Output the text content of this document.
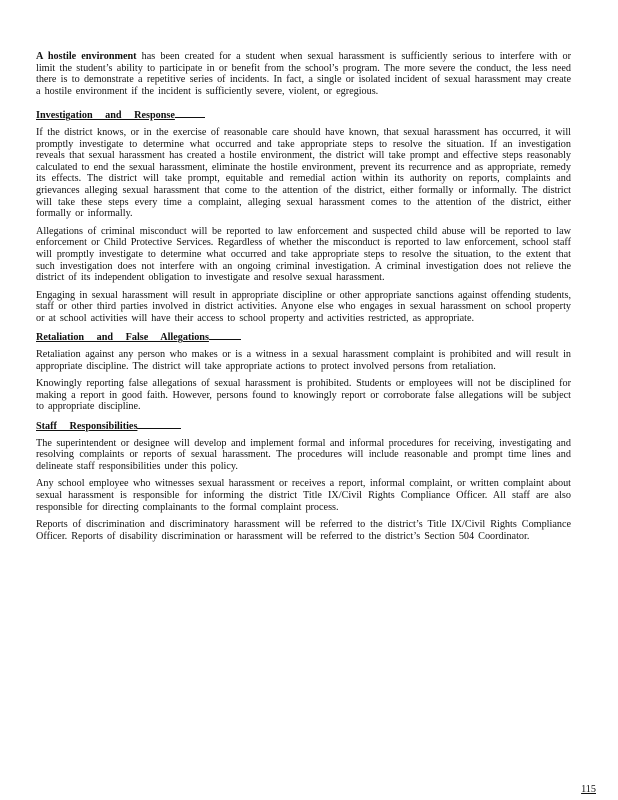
A hostile environment has been created for a student when sexual harassment is sufficiently serious to interfere with or limit the student’s ability to participate in or benefit from the school’s program. The more severe the conduct, the less need there is to demonstrate a repetitive series of incidents. In fact, a single or isolated incident of sexual harassment may create a hostile environment if the incident is sufficiently severe, violent, or egregious.

Investigation and Response

If the district knows, or in the exercise of reasonable care should have known, that sexual harassment has occurred, it will promptly investigate to determine what occurred and take appropriate steps to resolve the situation. If an investigation reveals that sexual harassment has created a hostile environment, the district will take prompt and effective steps reasonably calculated to end the sexual harassment, eliminate the hostile environment, prevent its recurrence and as appropriate, remedy its effects. The district will take prompt, equitable and remedial action within its authority on reports, complaints and grievances alleging sexual harassment that come to the attention of the district, either formally or informally. The district will take these steps every time a complaint, alleging sexual harassment comes to the attention of the district, either formally or informally.

Allegations of criminal misconduct will be reported to law enforcement and suspected child abuse will be reported to law enforcement or Child Protective Services. Regardless of whether the misconduct is reported to law enforcement, school staff will promptly investigate to determine what occurred and take appropriate steps to resolve the situation, to the extent that such investigation does not interfere with an ongoing criminal investigation. A criminal investigation does not relieve the district of its independent obligation to investigate and resolve sexual harassment.

Engaging in sexual harassment will result in appropriate discipline or other appropriate sanctions against offending students, staff or other third parties involved in district activities. Anyone else who engages in sexual harassment on school property or at school activities will have their access to school property and activities restricted, as appropriate.

Retaliation and False Allegations

Retaliation against any person who makes or is a witness in a sexual harassment complaint is prohibited and will result in appropriate discipline. The district will take appropriate actions to protect involved persons from retaliation.

Knowingly reporting false allegations of sexual harassment is prohibited. Students or employees will not be disciplined for making a report in good faith. However, persons found to knowingly report or corroborate false allegations will be subject to appropriate discipline.

Staff Responsibilities

The superintendent or designee will develop and implement formal and informal procedures for receiving, investigating and resolving complaints or reports of sexual harassment. The procedures will include reasonable and prompt time lines and delineate staff responsibilities under this policy.

Any school employee who witnesses sexual harassment or receives a report, informal complaint, or written complaint about sexual harassment is responsible for informing the district Title IX/Civil Rights Compliance Officer. All staff are also responsible for directing complainants to the formal complaint process.

Reports of discrimination and discriminatory harassment will be referred to the district’s Title IX/Civil Rights Compliance Officer. Reports of disability discrimination or harassment will be referred to the district’s Section 504 Coordinator.

115
